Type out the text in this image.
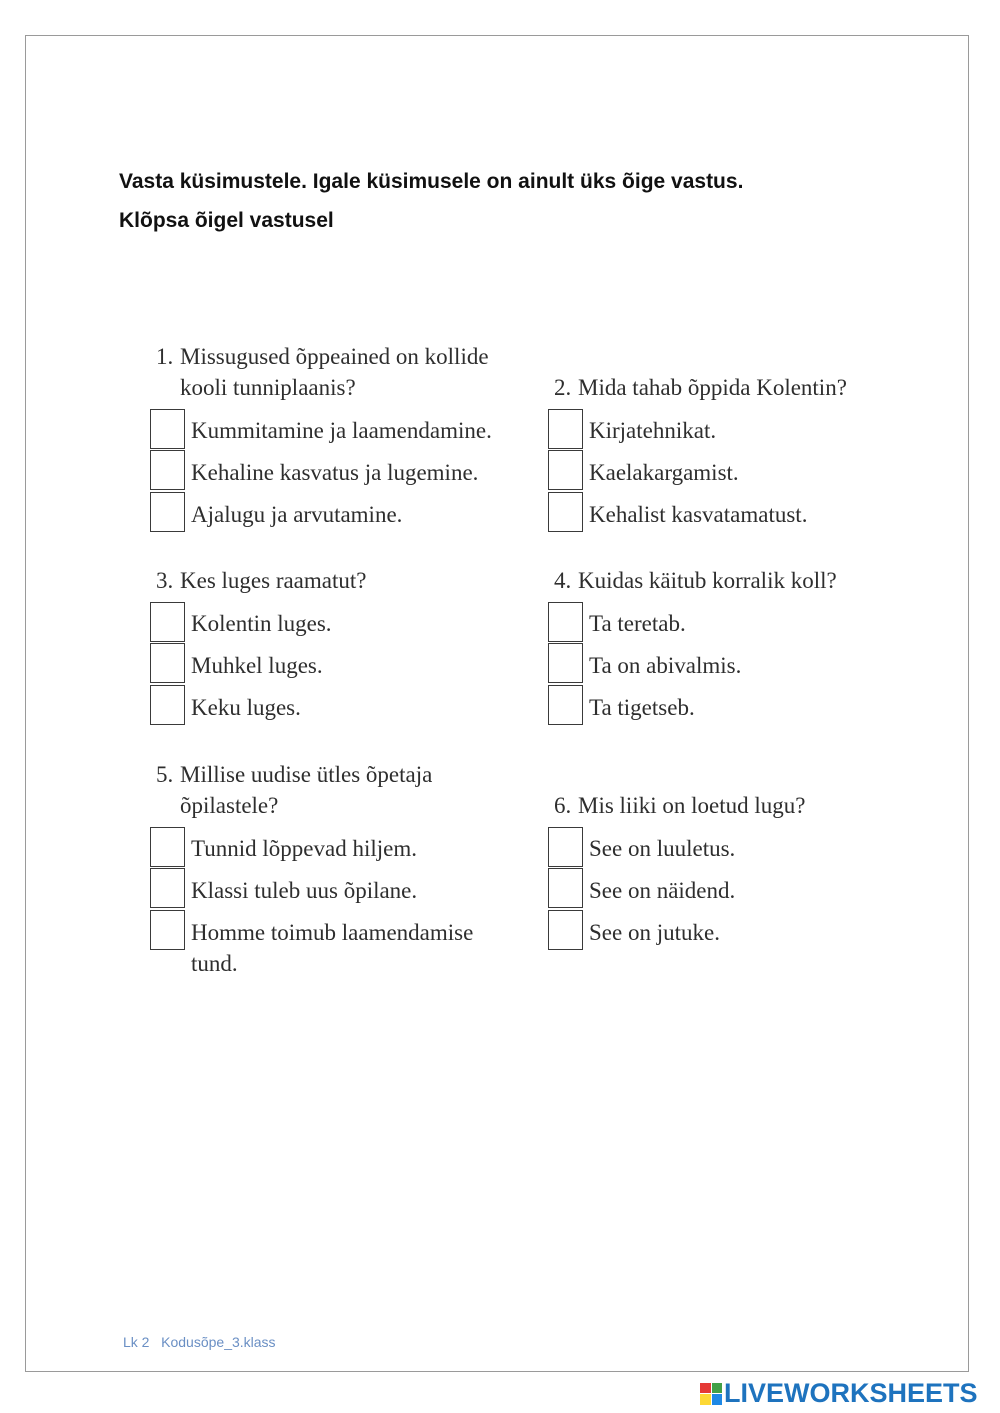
Vasta küsimustele. Igale küsimusele on ainult üks õige vastus.
Klõpsa õigel vastusel
1. Missugused õppeained on kollide kooli tunniplaanis?
Kummitamine ja laamendamine.
Kehaline kasvatus ja lugemine.
Ajalugu ja arvutamine.
2. Mida tahab õppida Kolentin?
Kirjatehnikat.
Kaelakargamist.
Kehalist kasvatamatust.
3. Kes luges raamatut?
Kolentin luges.
Muhkel luges.
Keku luges.
4. Kuidas käitub korralik koll?
Ta teretab.
Ta on abivalmis.
Ta tigetseb.
5. Millise uudise ütles õpetaja õpilastele?
Tunnid lõppevad hiljem.
Klassi tuleb uus õpilane.
Homme toimub laamendamise tund.
6. Mis liiki on loetud lugu?
See on luuletus.
See on näidend.
See on jutuke.
Lk 2 Kodusõpe_3.klass
LIVEWORKSHEETS
